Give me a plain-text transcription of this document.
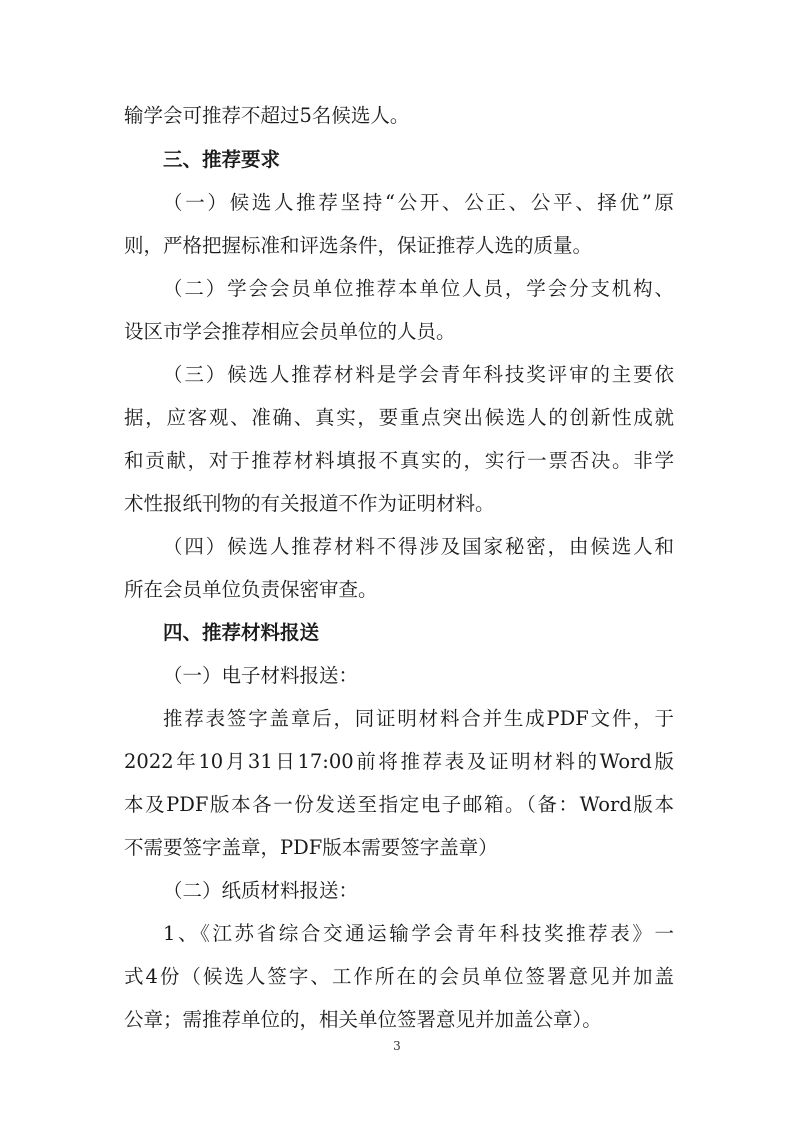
输学会可推荐不超过5名候选人。
三、推荐要求
（一）候选人推荐坚持“公开、公正、公平、择优”原
则，严格把握标准和评选条件，保证推荐人选的质量。
（二）学会会员单位推荐本单位人员，学会分支机构、
设区市学会推荐相应会员单位的人员。
（三）候选人推荐材料是学会青年科技奖评审的主要依
据，应客观、准确、真实，要重点突出候选人的创新性成就
和贡献，对于推荐材料填报不真实的，实行一票否决。非学
术性报纸刊物的有关报道不作为证明材料。
（四）候选人推荐材料不得涉及国家秘密，由候选人和
所在会员单位负责保密审查。
四、推荐材料报送
（一）电子材料报送：
推荐表签字盖章后，同证明材料合并生成PDF文件，于
2022年10月31日17:00前将推荐表及证明材料的Word版
本及PDF版本各一份发送至指定电子邮箱。（备：Word版本
不需要签字盖章，PDF版本需要签字盖章）
（二）纸质材料报送：
1、《江苏省综合交通运输学会青年科技奖推荐表》一
式4份（候选人签字、工作所在的会员单位签署意见并加盖
公章；需推荐单位的，相关单位签署意见并加盖公章）。
3
